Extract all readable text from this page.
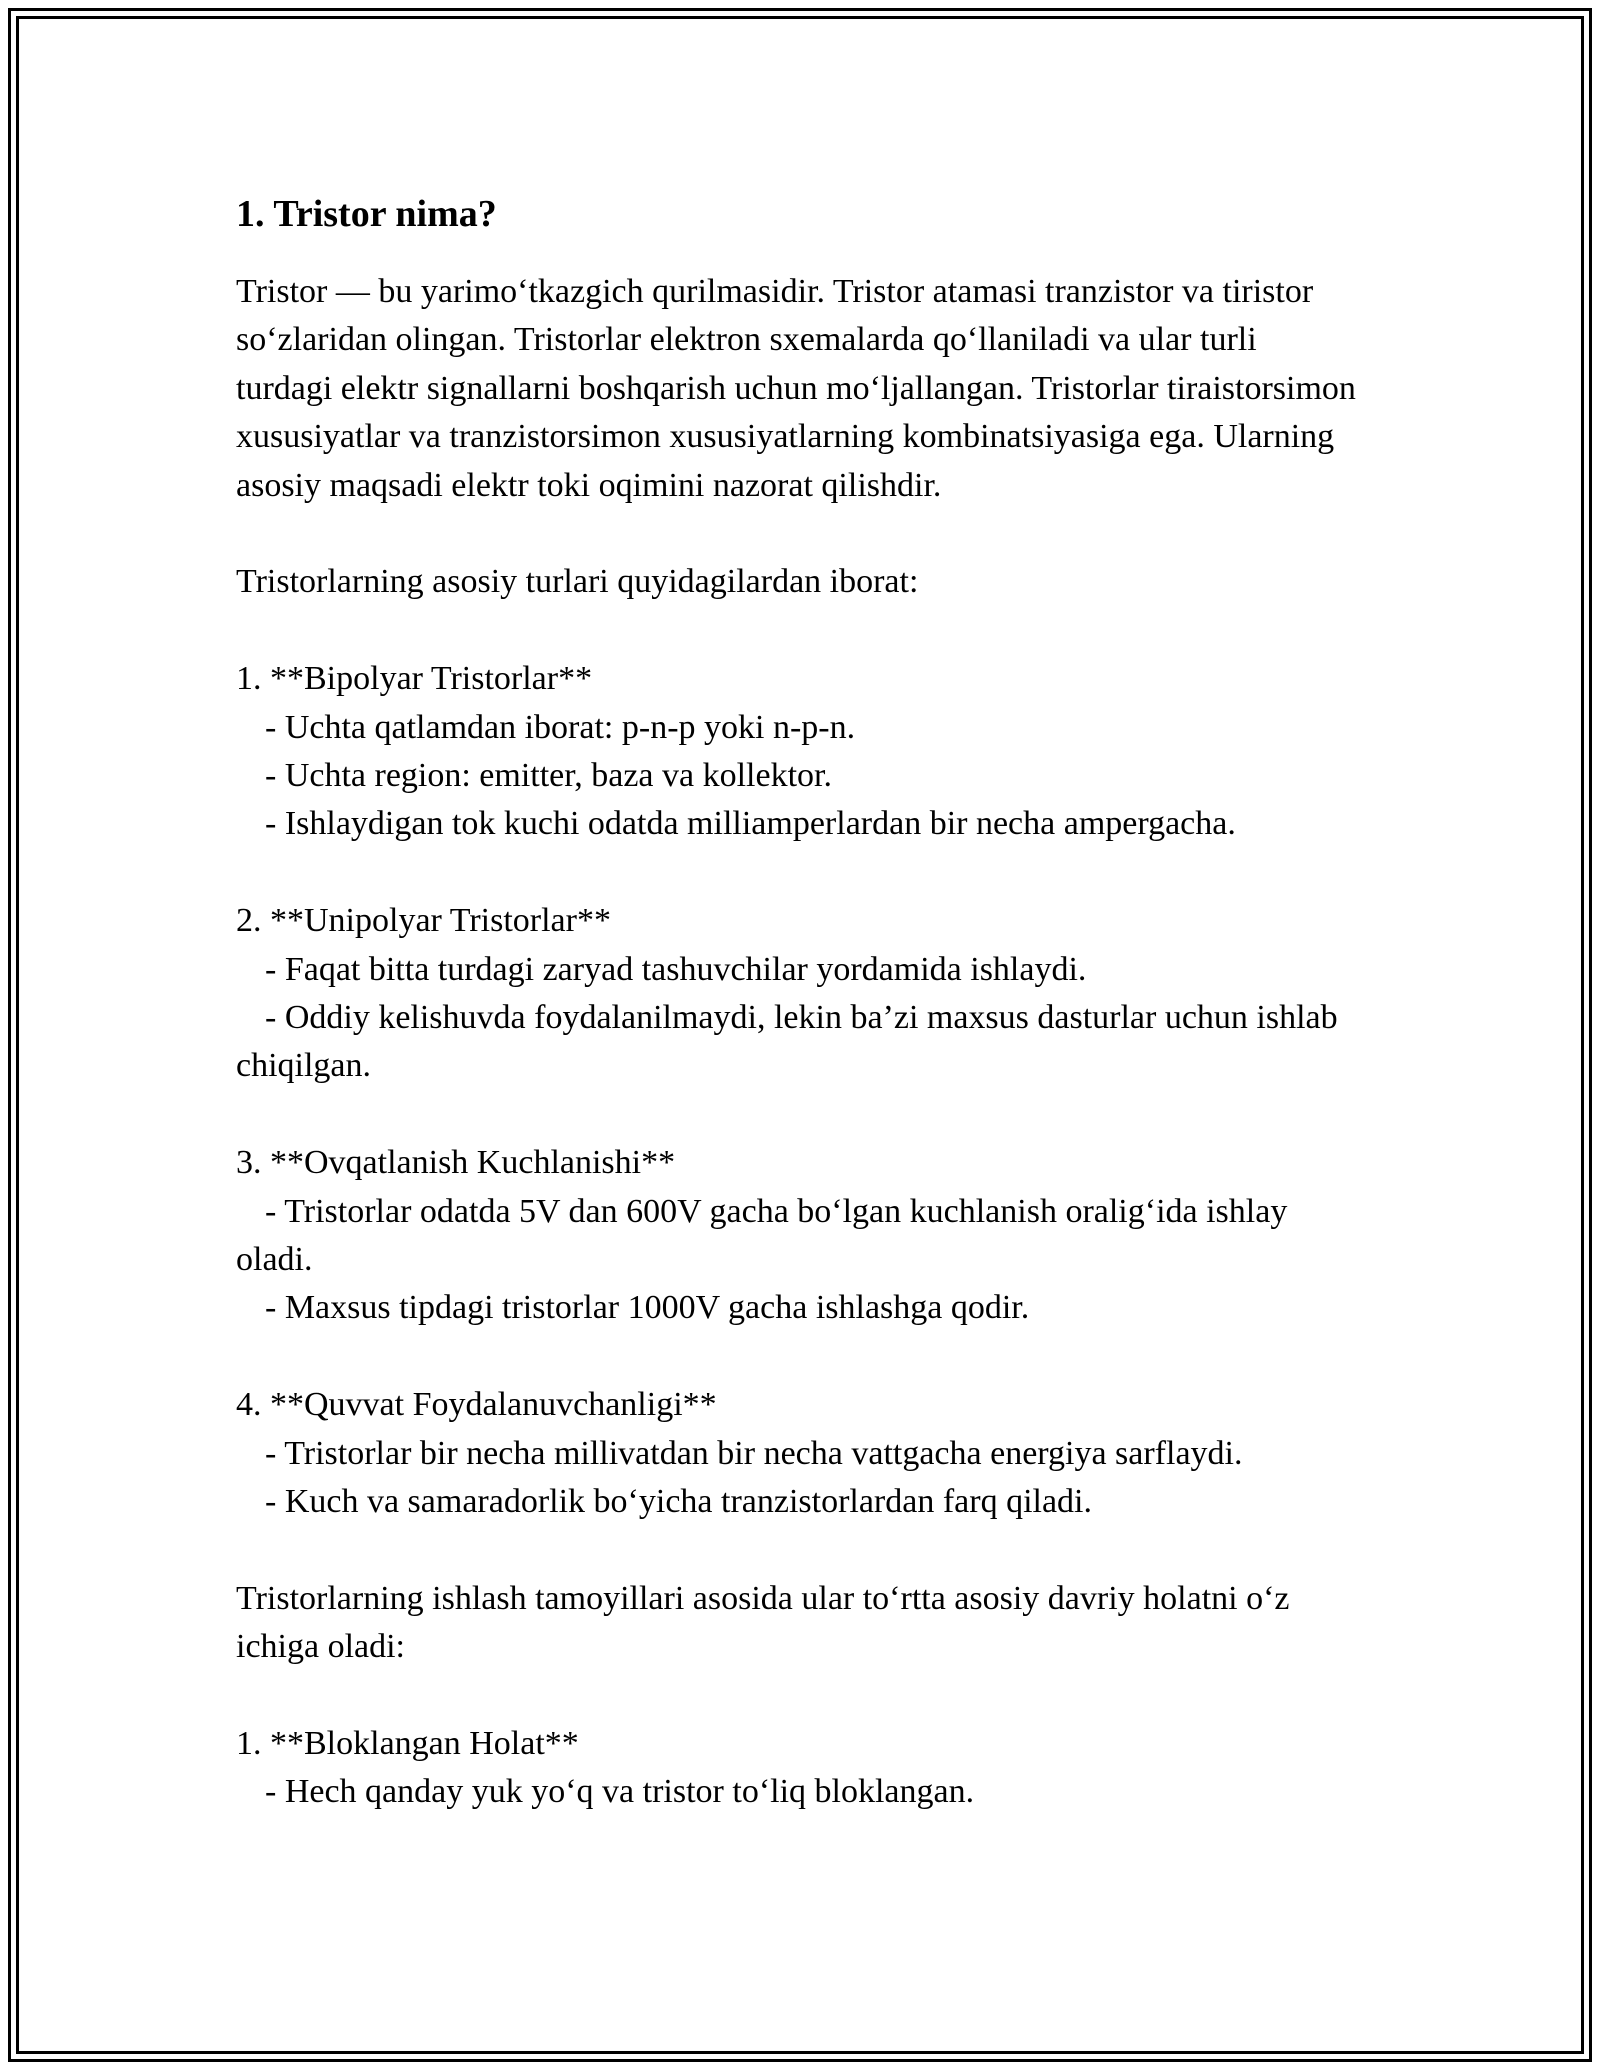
1. Tristor nima?

Tristor — bu yarimo‘tkazgich qurilmasidir. Tristor atamasi tranzistor va tiristor so‘zlaridan olingan. Tristorlar elektron sxemalarda qo‘llaniladi va ular turli turdagi elektr signallarni boshqarish uchun mo‘ljallangan. Tristorlar tiraistorsimon xususiyatlar va tranzistorsimon xususiyatlarning kombinatsiyasiga ega. Ularning asosiy maqsadi elektr toki oqimini nazorat qilishdir.

Tristorlarning asosiy turlari quyidagilardan iborat:

1. **Bipolyar Tristorlar**

- Uchta qatlamdan iborat: p-n-p yoki n-p-n.

- Uchta region: emitter, baza va kollektor.

- Ishlaydigan tok kuchi odatda milliamperlardan bir necha ampergacha.

2. **Unipolyar Tristorlar**

- Faqat bitta turdagi zaryad tashuvchilar yordamida ishlaydi.

- Oddiy kelishuvda foydalanilmaydi, lekin ba’zi maxsus dasturlar uchun ishlab chiqilgan.

3. **Ovqatlanish Kuchlanishi**

- Tristorlar odatda 5V dan 600V gacha bo‘lgan kuchlanish oralig‘ida ishlay oladi.

- Maxsus tipdagi tristorlar 1000V gacha ishlashga qodir.

4. **Quvvat Foydalanuvchanligi**

- Tristorlar bir necha millivatdan bir necha vattgacha energiya sarflaydi.

- Kuch va samaradorlik bo‘yicha tranzistorlardan farq qiladi.

Tristorlarning ishlash tamoyillari asosida ular to‘rtta asosiy davriy holatni o‘z ichiga oladi:

1. **Bloklangan Holat**

- Hech qanday yuk yo‘q va tristor to‘liq bloklangan.
